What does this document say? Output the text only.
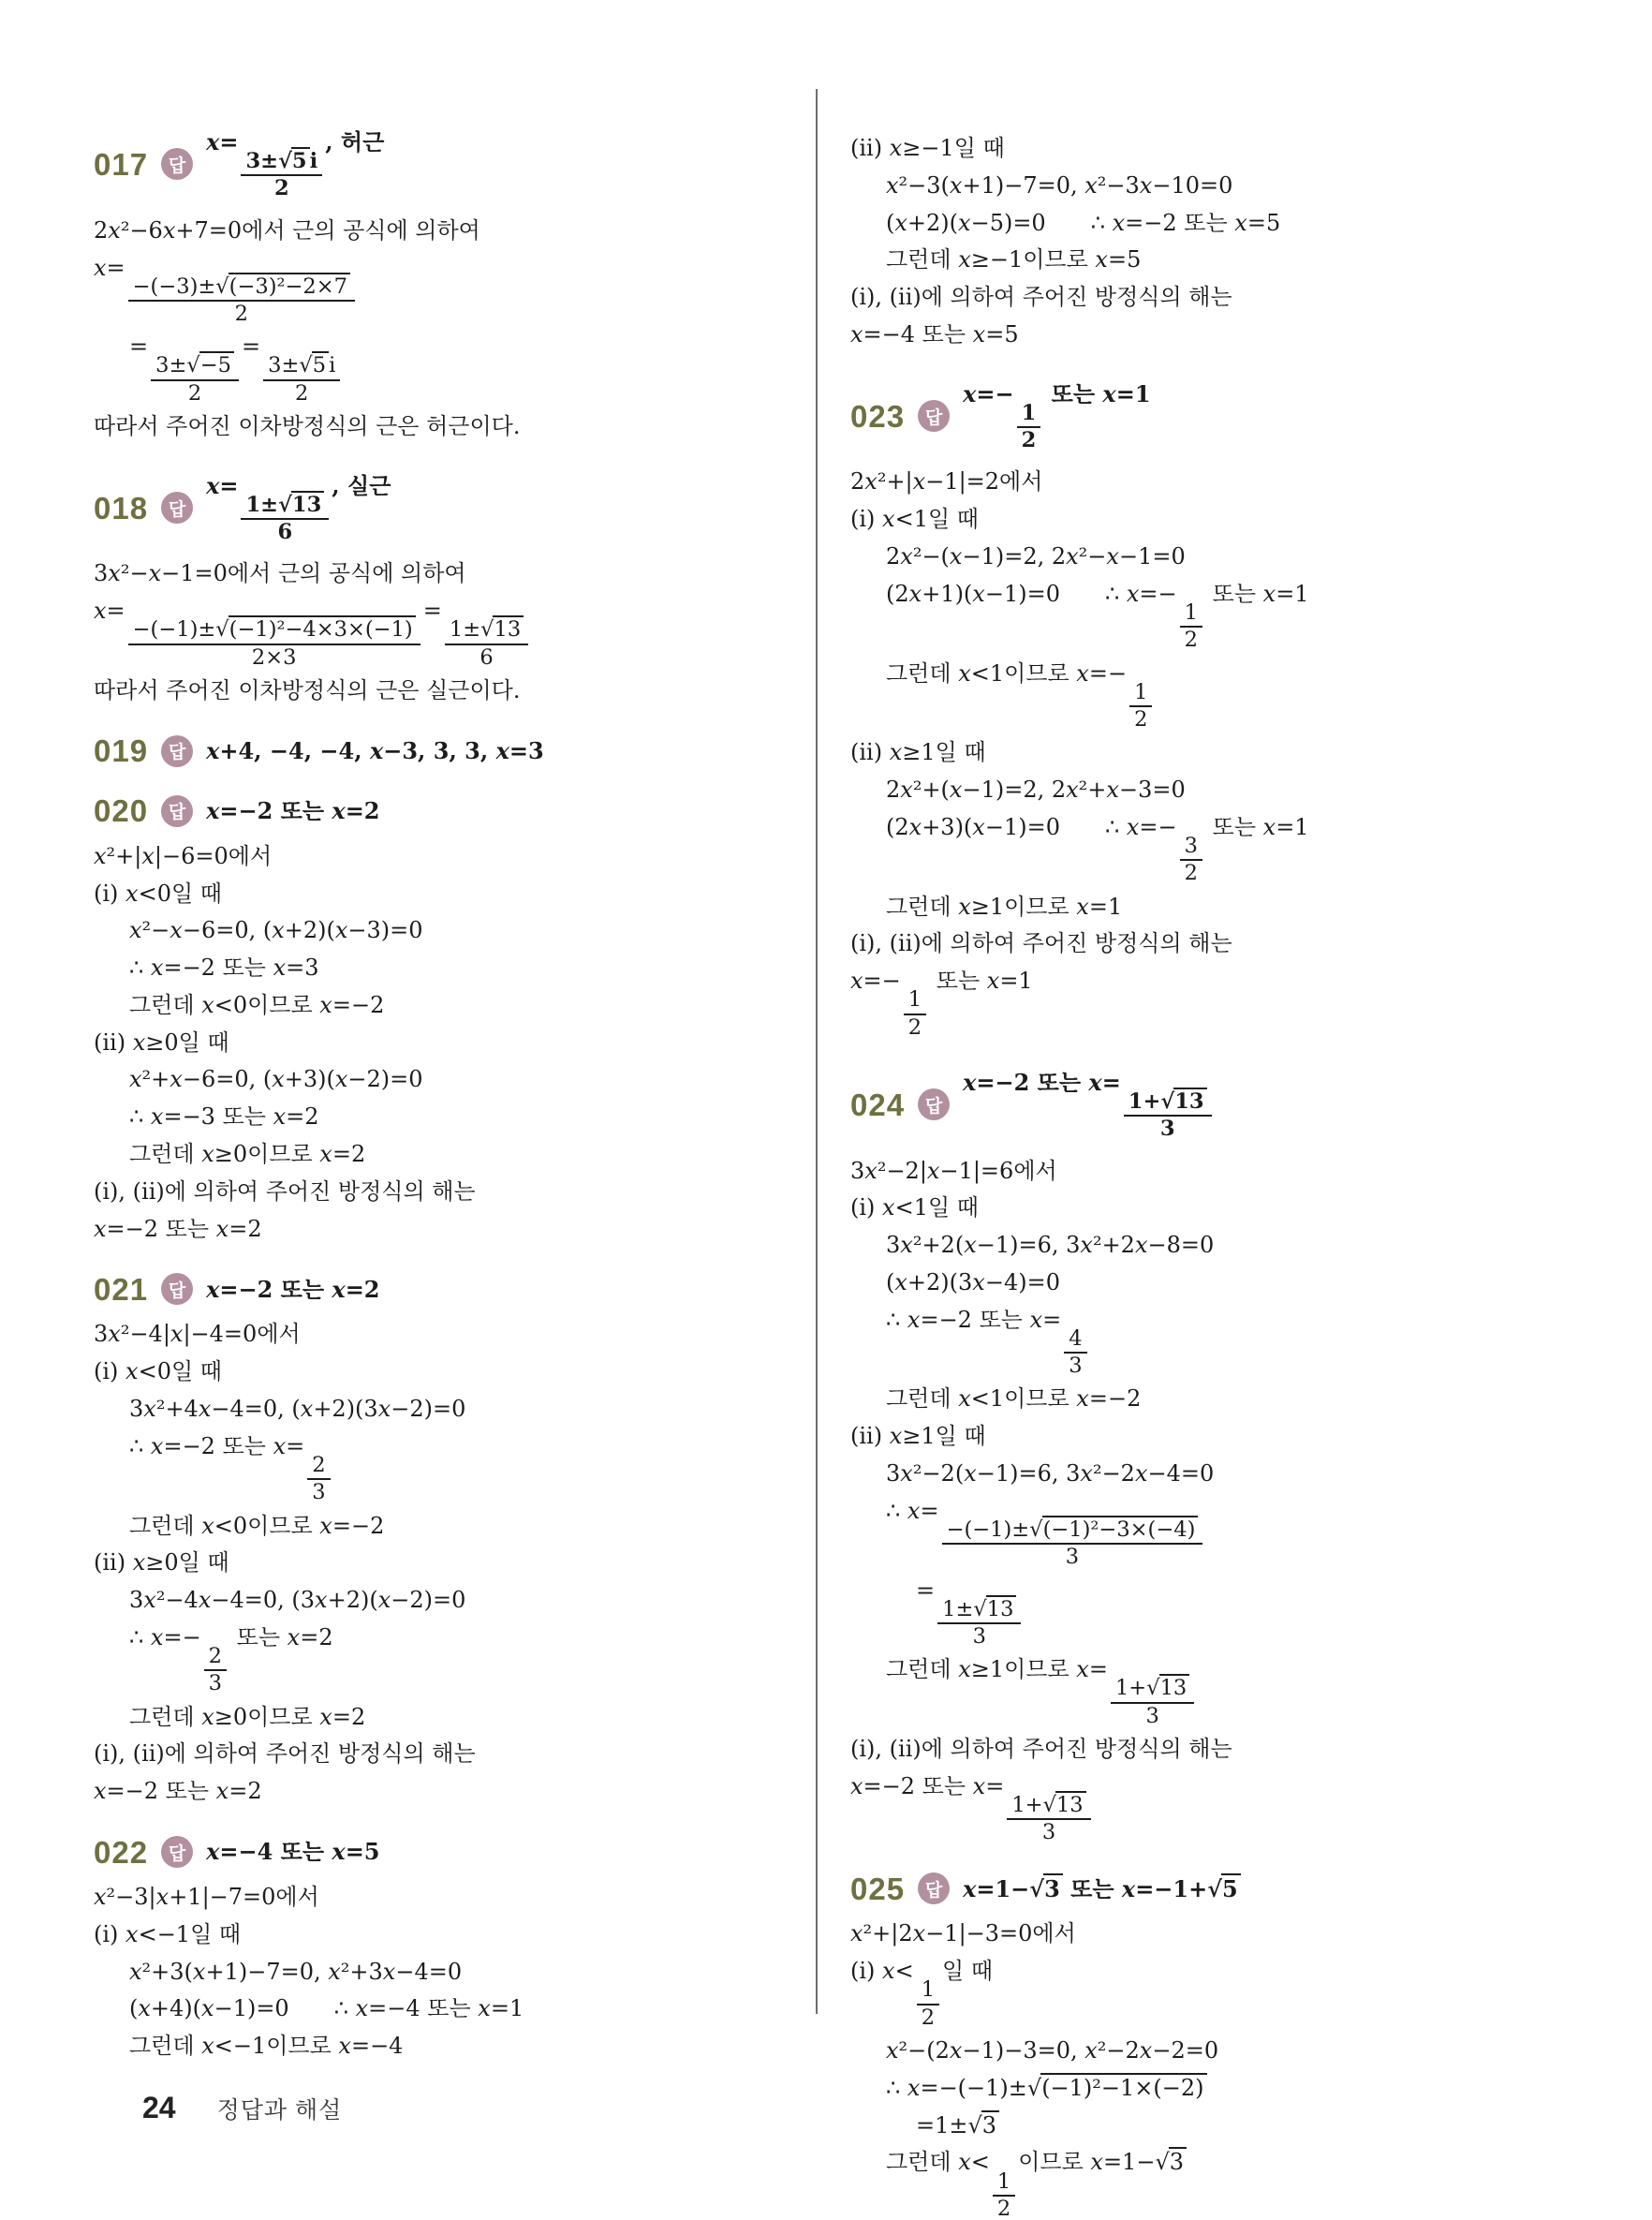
017	답
x=
$\frac{3\pm√5 i}{2}$
, 허근
2x²−6x+7=0에서 근의 공식에 의하여
x=
$\frac{\text{−(−3)±√(−3)²−2×7}}{2}$
=
$\frac{3\pm√-5}{2}$
=
$\frac{3\pm√5 i}{2}$
따라서 주어진 이차방정식의 근은 허근이다.
018	답
x=
$\frac{1\pm√13}{6}$
, 실근
3x²−x−1=0에서 근의 공식에 의하여
x=
$\frac{\text{−(−1)±√(−1)²−4×3×(−1)}}{2\times 3}$
=
$\frac{1\pm√13}{6}$
따라서 주어진 이차방정식의 근은 실근이다.
019	답 x+4, −4, −4, x−3, 3, 3, x=3
020	답 x=−2 또는 x=2
x²+|x|−6=0에서
(i) x<0일 때
x²−x−6=0, (x+2)(x−3)=0
∴ x=−2 또는 x=3
그런데 x<0이므로 x=−2
(ii) x≥0일 때
x²+x−6=0, (x+3)(x−2)=0
∴ x=−3 또는 x=2
그런데 x≥0이므로 x=2
(i), (ii)에 의하여 주어진 방정식의 해는
x=−2 또는 x=2
021	답 x=−2 또는 x=2
3x²−4|x|−4=0에서
(i) x<0일 때
3x²+4x−4=0, (x+2)(3x−2)=0
∴ x=−2 또는 x=
$\frac{2}{3}$
그런데 x<0이므로 x=−2
(ii) x≥0일 때
3x²−4x−4=0, (3x+2)(x−2)=0
∴ x=−
$\frac{2}{3}$
또는 x=2
그런데 x≥0이므로 x=2
(i), (ii)에 의하여 주어진 방정식의 해는
x=−2 또는 x=2
022	답 x=−4 또는 x=5
x²−3|x+1|−7=0에서
(i) x<−1일 때
x²+3(x+1)−7=0, x²+3x−4=0
(x+4)(x−1)=0  ∴ x=−4 또는 x=1
그런데 x<−1이므로 x=−4
(ii) x≥−1일 때
x²−3(x+1)−7=0, x²−3x−10=0
(x+2)(x−5)=0  ∴ x=−2 또는 x=5
그런데 x≥−1이므로 x=5
(i), (ii)에 의하여 주어진 방정식의 해는
x=−4 또는 x=5
023	답
x=−
$\frac{1}{2}$
또는 x=1
2x²+|x−1|=2에서
(i) x<1일 때
2x²−(x−1)=2, 2x²−x−1=0
(2x+1)(x−1)=0  ∴ x=−
$\frac{1}{2}$
또는 x=1
그런데 x<1이므로 x=−
$\frac{1}{2}$
(ii) x≥1일 때
2x²+(x−1)=2, 2x²+x−3=0
(2x+3)(x−1)=0  ∴ x=−
$\frac{3}{2}$
또는 x=1
그런데 x≥1이므로 x=1
(i), (ii)에 의하여 주어진 방정식의 해는
x=−
$\frac{1}{2}$
또는 x=1
024	답
x=−2 또는 x=
$\frac{1+√13}{3}$
3x²−2|x−1|=6에서
(i) x<1일 때
3x²+2(x−1)=6, 3x²+2x−8=0
(x+2)(3x−4)=0
∴ x=−2 또는 x=
$\frac{4}{3}$
그런데 x<1이므로 x=−2
(ii) x≥1일 때
3x²−2(x−1)=6, 3x²−2x−4=0
∴ x=
$\frac{\text{−(−1)±√(−1)²−3×(−4)}}{3}$
=
$\frac{1\pm√13}{3}$
그런데 x≥1이므로 x=
$\frac{1+√13}{3}$
(i), (ii)에 의하여 주어진 방정식의 해는
x=−2 또는 x=
$\frac{1+√13}{3}$
025	답 x=1−√3 또는 x=−1+√5
x²+|2x−1|−3=0에서
(i) x<
$\frac{1}{2}$
일 때
x²−(2x−1)−3=0, x²−2x−2=0
∴ x=−(−1)±√(−1)²−1×(−2)
=1±√3
그런데 x<
$\frac{1}{2}$
이므로 x=1−√3
24 정답과 해설
